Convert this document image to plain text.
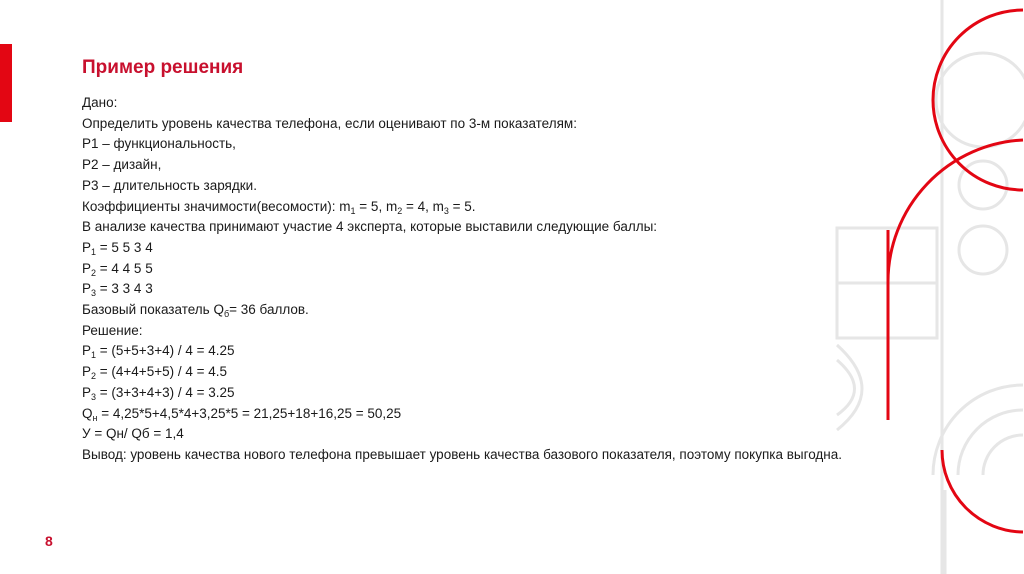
Пример решения
Дано:
Определить уровень качества телефона, если оценивают по 3-м показателям:
Р1 – функциональность,
Р2 – дизайн,
Р3 – длительность зарядки.
Коэффициенты значимости(весомости): $m_1 = 5$, $m_2 = 4$, $m_3 = 5$.
В анализе качества принимают участие 4 эксперта, которые выставили следующие баллы:
$P_1 = 5$ 5 3 4
$P_2 = 4$ 4 5 5
$P_3 = 3$ 3 4 3
Базовый показатель $Q_б= 36$ баллов.
Решение:
$P_1 = (5+5+3+4) / 4 = 4.25$
$P_2 = (4+4+5+5) / 4 = 4.5$
$P_3 = (3+3+4+3) / 4 = 3.25$
$Q_н = 4,25*5+4,5*4+3,25*5 = 21,25+18+16,25 = 50,25$
У = Qн/ Qб = 1,4
Вывод: уровень качества нового телефона превышает уровень качества базового показателя, поэтому покупка выгодна.
8
